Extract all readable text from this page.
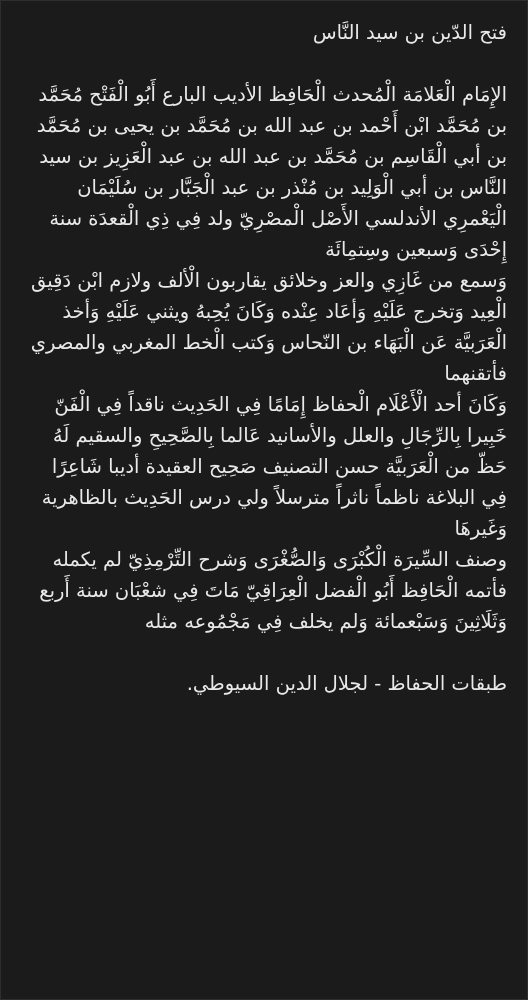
فتح الدّين بن سيد النَّاس

الإِمَام الْعَلامَة الْمُحدث الْحَافِظ الأديب البارع أَبُو الْفَتْح مُحَمَّد بن مُحَمَّد ابْن أَحْمد بن عبد الله بن مُحَمَّد بن يحيى بن مُحَمَّد بن أبي الْقَاسِم بن مُحَمَّد بن عبد الله بن عبد الْعَزِيز بن سيد النَّاس بن أبي الْوَلِيد بن مُنْذر بن عبد الْجَبَّار بن سُلَيْمَان الْيَعْمرِي الأندلسي الأَصْل الْمصْرِيّ ولد فِي ذِي الْقعدَة سنة إِحْدَى وَسبعين وسِتمِائَة

وَسمع من غَازِي والعز وخلائق يقاربون الْألف ولازم ابْن دَقِيق الْعِيد وَتخرج عَلَيْهِ وَأعَاد عِنْده وَكَانَ يُحِبهُ ويثني عَلَيْهِ وَأخذ الْعَرَبيَّة عَن الْبَهَاء بن النّحاس وَكتب الْخط المغربي والمصري فأتقنهما

وَكَانَ أحد الْأَعْلَام الْحفاظ إِمَامًا فِي الحَدِيث ناقداً فِي الْفَنّ خَبِيرا بِالرِّجَالِ والعلل والأسانيد عَالما بِالصَّحِيحِ والسقيم لَهُ حَظّ من الْعَرَبيَّة حسن التصنيف صَحِيح العقيدة أديبا شَاعِرًا فِي البلاغة ناظماً ناثراً مترسلاً ولي درس الحَدِيث بالظاهرية وَغَيرهَا

وصنف السِّيرَة الْكُبْرَى وَالصُّغْرَى وَشرح التِّرْمِذِيّ لم يكمله فأتمه الْحَافِظ أَبُو الْفضل الْعِرَاقِيّ مَاتَ فِي شعْبَان سنة أَربع وَثَلَاثِينَ وَسَبْعمائة وَلم يخلف فِي مَجْمُوعه مثله

طبقات الحفاظ - لجلال الدين السيوطي.
